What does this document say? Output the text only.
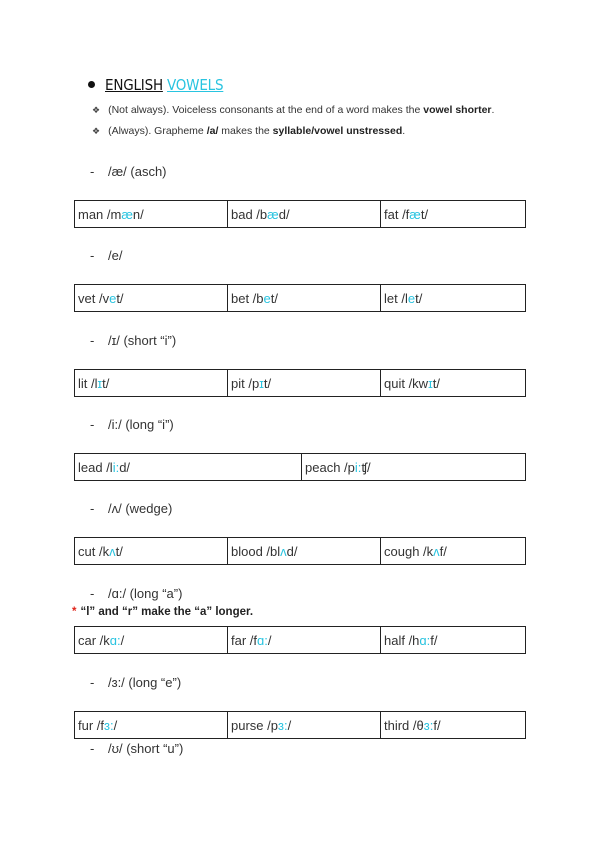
ENGLISH VOWELS
❖ (Not always). Voiceless consonants at the end of a word makes the vowel shorter.
❖ (Always). Grapheme /a/ makes the syllable/vowel unstressed.
- /æ/ (asch)
man /mæn/	bad /bæd/	fat /fæt/
- /e/
vet /vet/	bet /bet/	let /let/
- /ɪ/ (short “i”)
lit /lɪt/	pit /pɪt/	quit /kwɪt/
- /i:/ (long “i”)
lead /li:d/	peach /pi:ʧ/
- /ʌ/ (wedge)
cut /kʌt/	blood /blʌd/	cough /kʌf/
- /ɑ:/ (long “a”)
* “l” and “r” make the “a” longer.
car /kɑ:/	far /fɑ:/	half /hɑ:f/
- /ɜ:/ (long “e”)
fur /fɜ:/	purse /pɜ:/	third /θɜ:f/
- /ʊ/ (short “u”)
